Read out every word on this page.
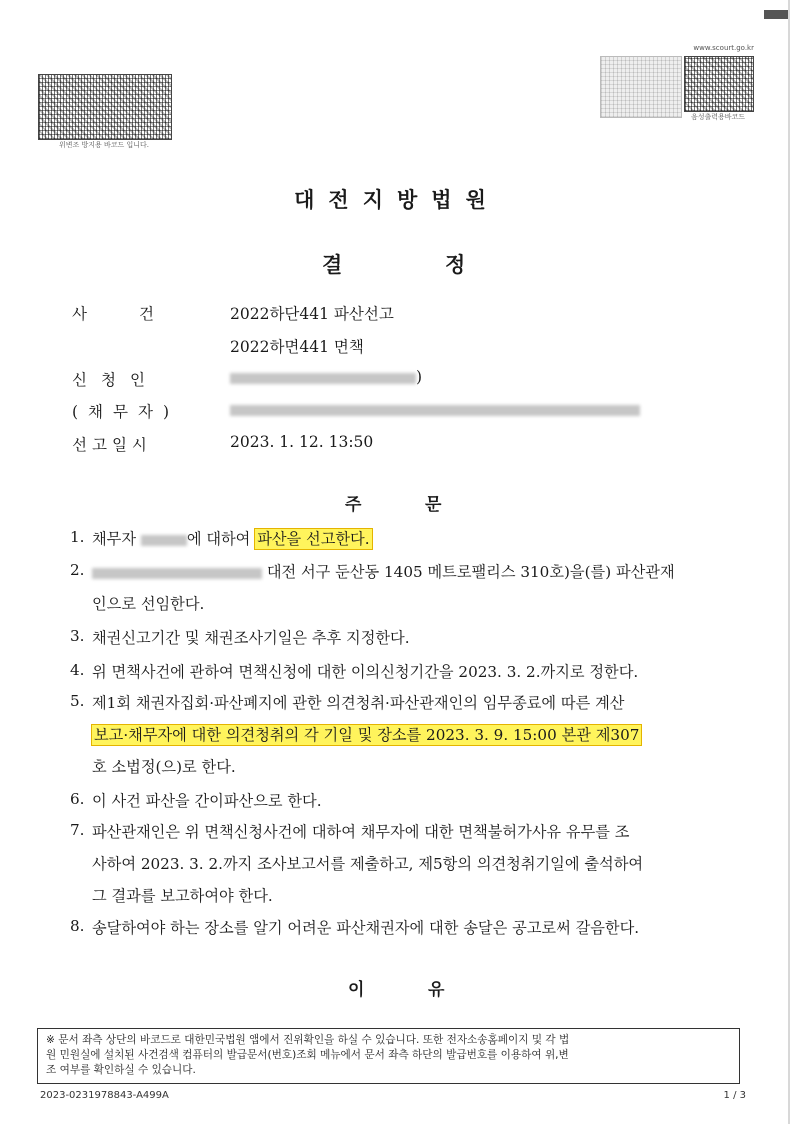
위변조 방지용 바코드 입니다.
www.scourt.go.kr
음성출력용바코드
대전지방법원
결	정
사건 2022하단441 파산선고
2022하면441 면책
신청인	)
(채무자)
선고일시	2023. 1. 12. 13:50
주	문
1. 채무자	에 대하여 파산을 선고한다.
2.	대전 서구 둔산동 1405 메트로팰리스 310호)을(를) 파산관재
인으로 선임한다.
3. 채권신고기간 및 채권조사기일은 추후 지정한다.
4. 위 면책사건에 관하여 면책신청에 대한 이의신청기간을 2023. 3. 2.까지로 정한다.
5. 제1회 채권자집회·파산폐지에 관한 의견청취·파산관재인의 임무종료에 따른 계산
보고·채무자에 대한 의견청취의 각 기일 및 장소를 2023. 3. 9. 15:00 본관 제307
호 소법정(으)로 한다.
6. 이 사건 파산을 간이파산으로 한다.
7. 파산관재인은 위 면책신청사건에 대하여 채무자에 대한 면책불허가사유 유무를 조
사하여 2023. 3. 2.까지 조사보고서를 제출하고, 제5항의 의견청취기일에 출석하여
그 결과를 보고하여야 한다.
8. 송달하여야 하는 장소를 알기 어려운 파산채권자에 대한 송달은 공고로써 갈음한다.
이	유
※ 문서 좌측 상단의 바코드로 대한민국법원 앱에서 진위확인을 하실 수 있습니다. 또한 전자소송홈페이지 및 각 법
원 민원실에 설치된 사건검색 컴퓨터의 발급문서(번호)조회 메뉴에서 문서 좌측 하단의 발급번호를 이용하여 위,변
조 여부를 확인하실 수 있습니다.
2023-0231978843-A499A	1 / 3
